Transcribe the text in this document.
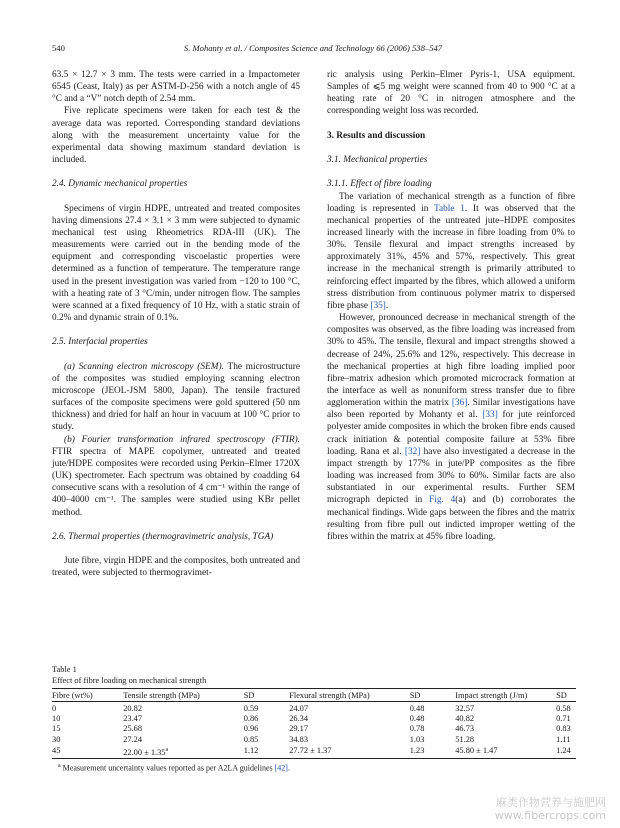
540	S. Mohanty et al. / Composites Science and Technology 66 (2006) 538–547

63.5 × 12.7 × 3 mm. The tests were carried in a Impactometer 6545 (Ceast, Italy) as per ASTM-D-256 with a notch angle of 45 °C and a “V” notch depth of 2.54 mm.

Five replicate specimens were taken for each test & the average data was reported. Corresponding standard deviations along with the measurement uncertainty value for the experimental data showing maximum standard deviation is included.

2.4. Dynamic mechanical properties

Specimens of virgin HDPE, untreated and treated composites having dimensions 27.4 × 3.1 × 3 mm were subjected to dynamic mechanical test using Rheometrics RDA-III (UK). The measurements were carried out in the bending mode of the equipment and corresponding viscoelastic properties were determined as a function of temperature. The temperature range used in the present investigation was varied from −120 to 100 °C, with a heating rate of 3 °C/min, under nitrogen flow. The samples were scanned at a fixed frequency of 10 Hz, with a static strain of 0.2% and dynamic strain of 0.1%.

2.5. Interfacial properties

(a) Scanning electron microscopy (SEM). The microstructure of the composites was studied employing scanning electron microscope (JEOL-JSM 5800, Japan). The tensile fractured surfaces of the composite specimens were gold sputtered (50 nm thickness) and dried for half an hour in vacuum at 100 °C prior to study.

(b) Fourier transformation infrared spectroscopy (FTIR). FTIR spectra of MAPE copolymer, untreated and treated jute/HDPE composites were recorded using Perkin–Elmer 1720X (UK) spectrometer. Each spectrum was obtained by coadding 64 consecutive scans with a resolution of 4 cm⁻¹ within the range of 400–4000 cm⁻¹. The samples were studied using KBr pellet method.

2.6. Thermal properties (thermogravimetric analysis, TGA)

Jute fibre, virgin HDPE and the composites, both untreated and treated, were subjected to thermogravimet-

ric analysis using Perkin–Elmer Pyris-1, USA equipment. Samples of ⩽5 mg weight were scanned from 40 to 900 °C at a heating rate of 20 °C in nitrogen atmosphere and the corresponding weight loss was recorded.

3. Results and discussion
3.1. Mechanical properties
3.1.1. Effect of fibre loading

The variation of mechanical strength as a function of fibre loading is represented in Table 1. It was observed that the mechanical properties of the untreated jute–HDPE composites increased linearly with the increase in fibre loading from 0% to 30%. Tensile flexural and impact strengths increased by approximately 31%, 45% and 57%, respectively. This great increase in the mechanical strength is primarily attributed to reinforcing effect imparted by the fibres, which allowed a uniform stress distribution from continuous polymer matrix to dispersed fibre phase [35].

However, pronounced decrease in mechanical strength of the composites was observed, as the fibre loading was increased from 30% to 45%. The tensile, flexural and impact strengths showed a decrease of 24%, 25.6% and 12%, respectively. This decrease in the mechanical properties at high fibre loading implied poor fibre–matrix adhesion which promoted microcrack formation at the interface as well as nonuniform stress transfer due to fibre agglomeration within the matrix [36]. Similar investigations have also been reported by Mohanty et al. [33] for jute reinforced polyester amide composites in which the broken fibre ends caused crack initiation & potential composite failure at 53% fibre loading. Rana et al. [32] have also investigated a decrease in the impact strength by 177% in jute/PP composites as the fibre loading was increased from 30% to 60%. Similar facts are also substantiated in our experimental results. Further SEM micrograph depicted in Fig. 4(a) and (b) corroborates the mechanical findings. Wide gaps between the fibres and the matrix resulting from fibre pull out indicted improper wetting of the fibres within the matrix at 45% fibre loading.

Table 1
Effect of fibre loading on mechanical strength
Fibre (wt%)	Tensile strength (MPa)	SD	Flexural strength (MPa)	SD	Impact strength (J/m)	SD
0	20.82	0.59	24.07	0.48	32.57	0.58
10	23.47	0.86	26.34	0.48	40.82	0.71
15	25.68	0.96	29.17	0.78	46.73	0.83
30	27.24	0.85	34.83	1.03	51.28	1.11
45	22.00 ± 1.35$^a$	1.12	27.72 ± 1.37	1.23	45.80 ± 1.47	1.24
$^a$ Measurement uncertainty values reported as per A2LA guidelines [42].
麻类作物营养与施肥网
www.fibercrops.com
